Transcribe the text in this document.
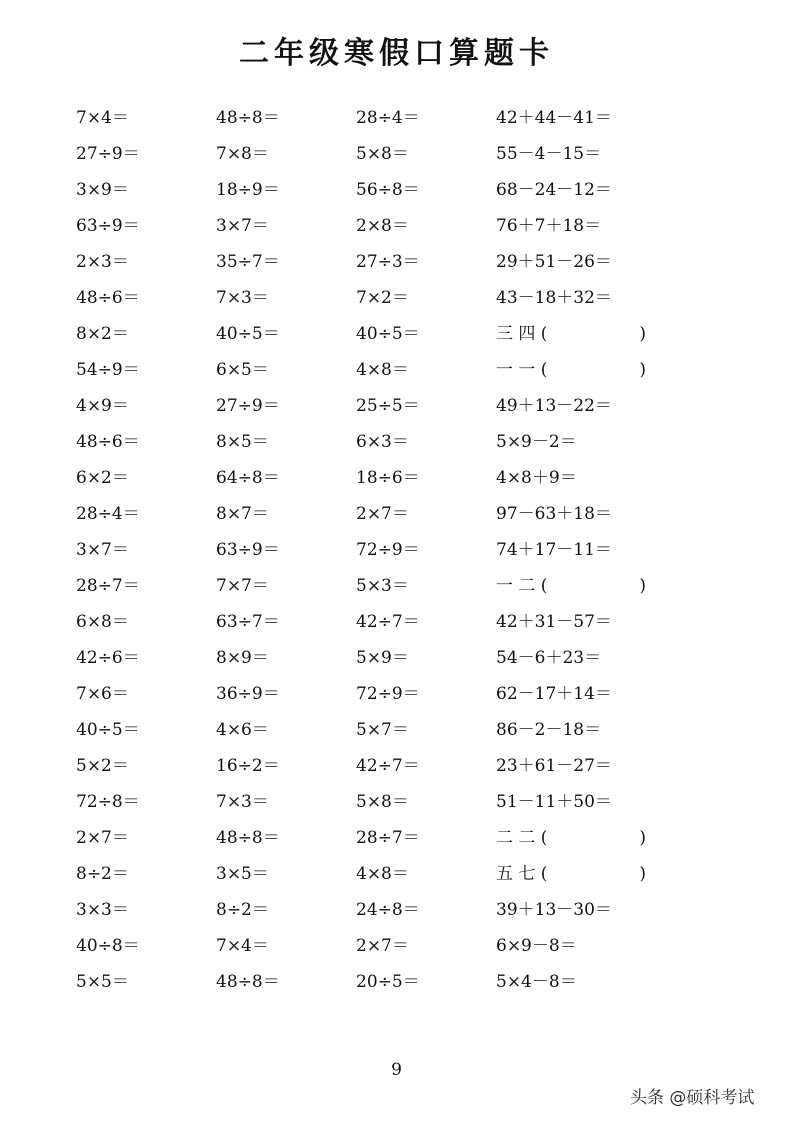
二年级寒假口算题卡
7×4＝	48÷8＝	28÷4＝	42＋44－41＝
27÷9＝	7×8＝	5×8＝	55－4－15＝
3×9＝	18÷9＝	56÷8＝	68－24－12＝
63÷9＝	3×7＝	2×8＝	76＋7＋18＝
2×3＝	35÷7＝	27÷3＝	29＋51－26＝
48÷6＝	7×3＝	7×2＝	43－18＋32＝
8×2＝	40÷5＝	40÷5＝	三 四 (	)
54÷9＝	6×5＝	4×8＝	一 一 (	)
4×9＝	27÷9＝	25÷5＝	49＋13－22＝
48÷6＝	8×5＝	6×3＝	5×9－2＝
6×2＝	64÷8＝	18÷6＝	4×8＋9＝
28÷4＝	8×7＝	2×7＝	97－63＋18＝
3×7＝	63÷9＝	72÷9＝	74＋17－11＝
28÷7＝	7×7＝	5×3＝	一 二 (	)
6×8＝	63÷7＝	42÷7＝	42＋31－57＝
42÷6＝	8×9＝	5×9＝	54－6＋23＝
7×6＝	36÷9＝	72÷9＝	62－17＋14＝
40÷5＝	4×6＝	5×7＝	86－2－18＝
5×2＝	16÷2＝	42÷7＝	23＋61－27＝
72÷8＝	7×3＝	5×8＝	51－11＋50＝
2×7＝	48÷8＝	28÷7＝	二 二 (	)
8÷2＝	3×5＝	4×8＝	五 七 (	)
3×3＝	8÷2＝	24÷8＝	39＋13－30＝
40÷8＝	7×4＝	2×7＝	6×9－8＝
5×5＝	48÷8＝	20÷5＝	5×4－8＝
9
头条 @硕科考试
